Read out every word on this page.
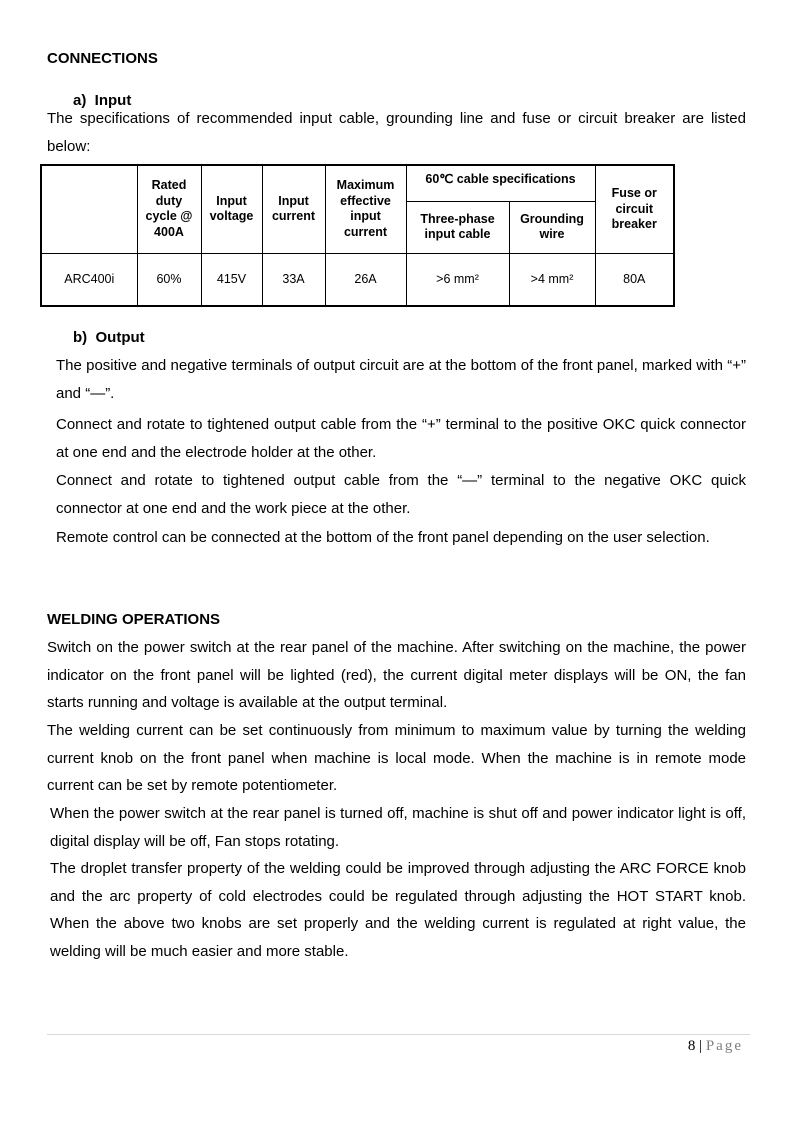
CONNECTIONS
a)  Input

The specifications of recommended input cable, grounding line and fuse or circuit breaker are listed below:

	Rated duty cycle @ 400A	Input voltage	Input current	Maximum effective input current	60℃ cable specifications		Fuse or circuit breaker
					Three-phase input cable	Grounding wire	
ARC400i	60%	415V	33A	26A	>6 mm²	>4 mm²	80A
b)  Output

The positive and negative terminals of output circuit are at the bottom of the front panel, marked with “+” and “—”.

Connect and rotate to tightened output cable from the “+” terminal to the positive OKC quick connector at one end and the electrode holder at the other.

Connect and rotate to tightened output cable from the “—” terminal to the negative OKC quick connector at one end and the work piece at the other.

Remote control can be connected at the bottom of the front panel depending on the user selection.

WELDING OPERATIONS

Switch on the power switch at the rear panel of the machine. After switching on the machine, the power indicator on the front panel will be lighted (red), the current digital meter displays will be ON, the fan starts running and voltage is available at the output terminal.

The welding current can be set continuously from minimum to maximum value by turning the welding current knob on the front panel when machine is local mode. When the machine is in remote mode current can be set by remote potentiometer.

When the power switch at the rear panel is turned off, machine is shut off and power indicator light is off, digital display will be off, Fan stops rotating.

The droplet transfer property of the welding could be improved through adjusting the ARC FORCE knob and the arc property of cold electrodes could be regulated through adjusting the HOT START knob. When the above two knobs are set properly and the welding current is regulated at right value, the welding will be much easier and more stable.

8 | Page
